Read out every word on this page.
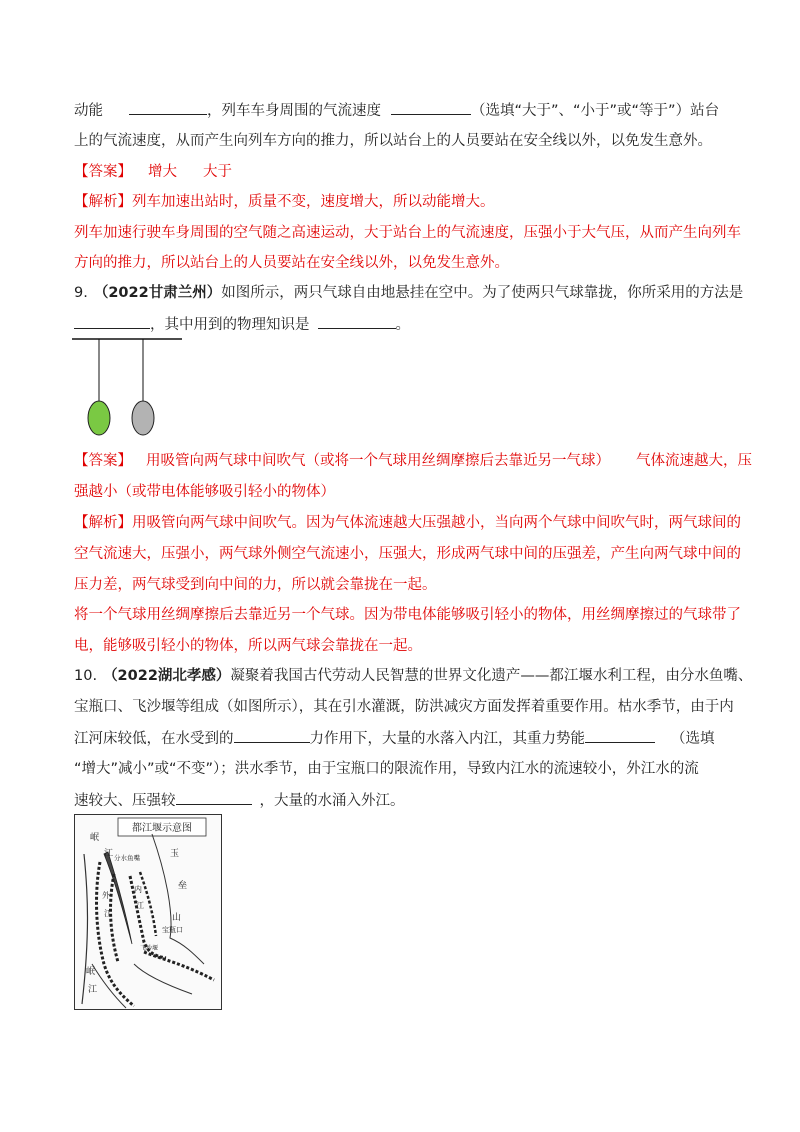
动能	，列车车身周围的气流速度	（选填“大于”、“小于”或“等于”）站台
上的气流速度，从而产生向列车方向的推力，所以站台上的人员要站在安全线以外，以免发生意外。
【答案】 增大 大于
【解析】列车加速出站时，质量不变，速度增大，所以动能增大。
列车加速行驶车身周围的空气随之高速运动，大于站台上的气流速度，压强小于大气压，从而产生向列车
方向的推力，所以站台上的人员要站在安全线以外，以免发生意外。
9. （2022甘肃兰州）如图所示，两只气球自由地悬挂在空中。为了使两只气球靠拢，你所采用的方法是
，其中用到的物理知识是	。
【答案】 用吸管向两气球中间吹气（或将一个气球用丝绸摩擦后去靠近另一气球） 气体流速越大，压
强越小（或带电体能够吸引轻小的物体）
【解析】用吸管向两气球中间吹气。因为气体流速越大压强越小，当向两个气球中间吹气时，两气球间的
空气流速大，压强小，两气球外侧空气流速小，压强大，形成两气球中间的压强差，产生向两气球中间的
压力差，两气球受到向中间的力，所以就会靠拢在一起。
将一个气球用丝绸摩擦后去靠近另一个气球。因为带电体能够吸引轻小的物体，用丝绸摩擦过的气球带了
电，能够吸引轻小的物体，所以两气球会靠拢在一起。
10. （2022湖北孝感）凝聚着我国古代劳动人民智慧的世界文化遗产——都江堰水利工程，由分水鱼嘴、
宝瓶口、飞沙堰等组成（如图所示），其在引水灌溉，防洪减灾方面发挥着重要作用。枯水季节，由于内
江河床较低，在水受到的	力作用下，大量的水落入内江，其重力势能	（选填
“增大”减小”或“不变”）；洪水季节，由于宝瓶口的限流作用，导致内江水的流速较小，外江水的流
速较大、压强较	，大量的水涌入外江。
都江堰示意图
岷
江 分水鱼嘴	玉
垒
山
外
江
内
江
宝瓶口
飞沙堰
岷
江
